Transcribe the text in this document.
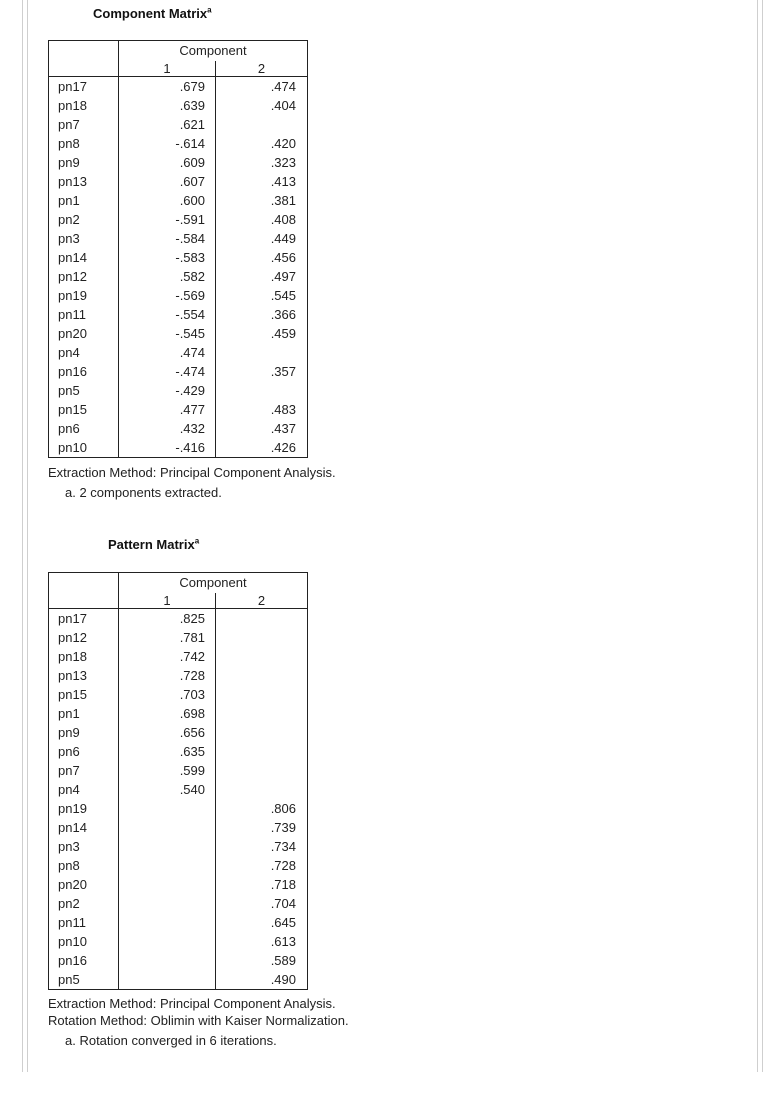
Component Matrix$^a$
	Component	
	1	2
pn17	.679	.474
pn18	.639	.404
pn7	.621	
pn8	-.614	.420
pn9	.609	.323
pn13	.607	.413
pn1	.600	.381
pn2	-.591	.408
pn3	-.584	.449
pn14	-.583	.456
pn12	.582	.497
pn19	-.569	.545
pn11	-.554	.366
pn20	-.545	.459
pn4	.474	
pn16	-.474	.357
pn5	-.429	
pn15	.477	.483
pn6	.432	.437
pn10	-.416	.426
Extraction Method: Principal Component Analysis.
a. 2 components extracted.
Pattern Matrix$^a$
	Component	
	1	2
pn17	.825	
pn12	.781	
pn18	.742	
pn13	.728	
pn15	.703	
pn1	.698	
pn9	.656	
pn6	.635	
pn7	.599	
pn4	.540	
pn19		.806
pn14		.739
pn3		.734
pn8		.728
pn20		.718
pn2		.704
pn11		.645
pn10		.613
pn16		.589
pn5		.490
Extraction Method: Principal Component Analysis.
Rotation Method: Oblimin with Kaiser Normalization.
a. Rotation converged in 6 iterations.
